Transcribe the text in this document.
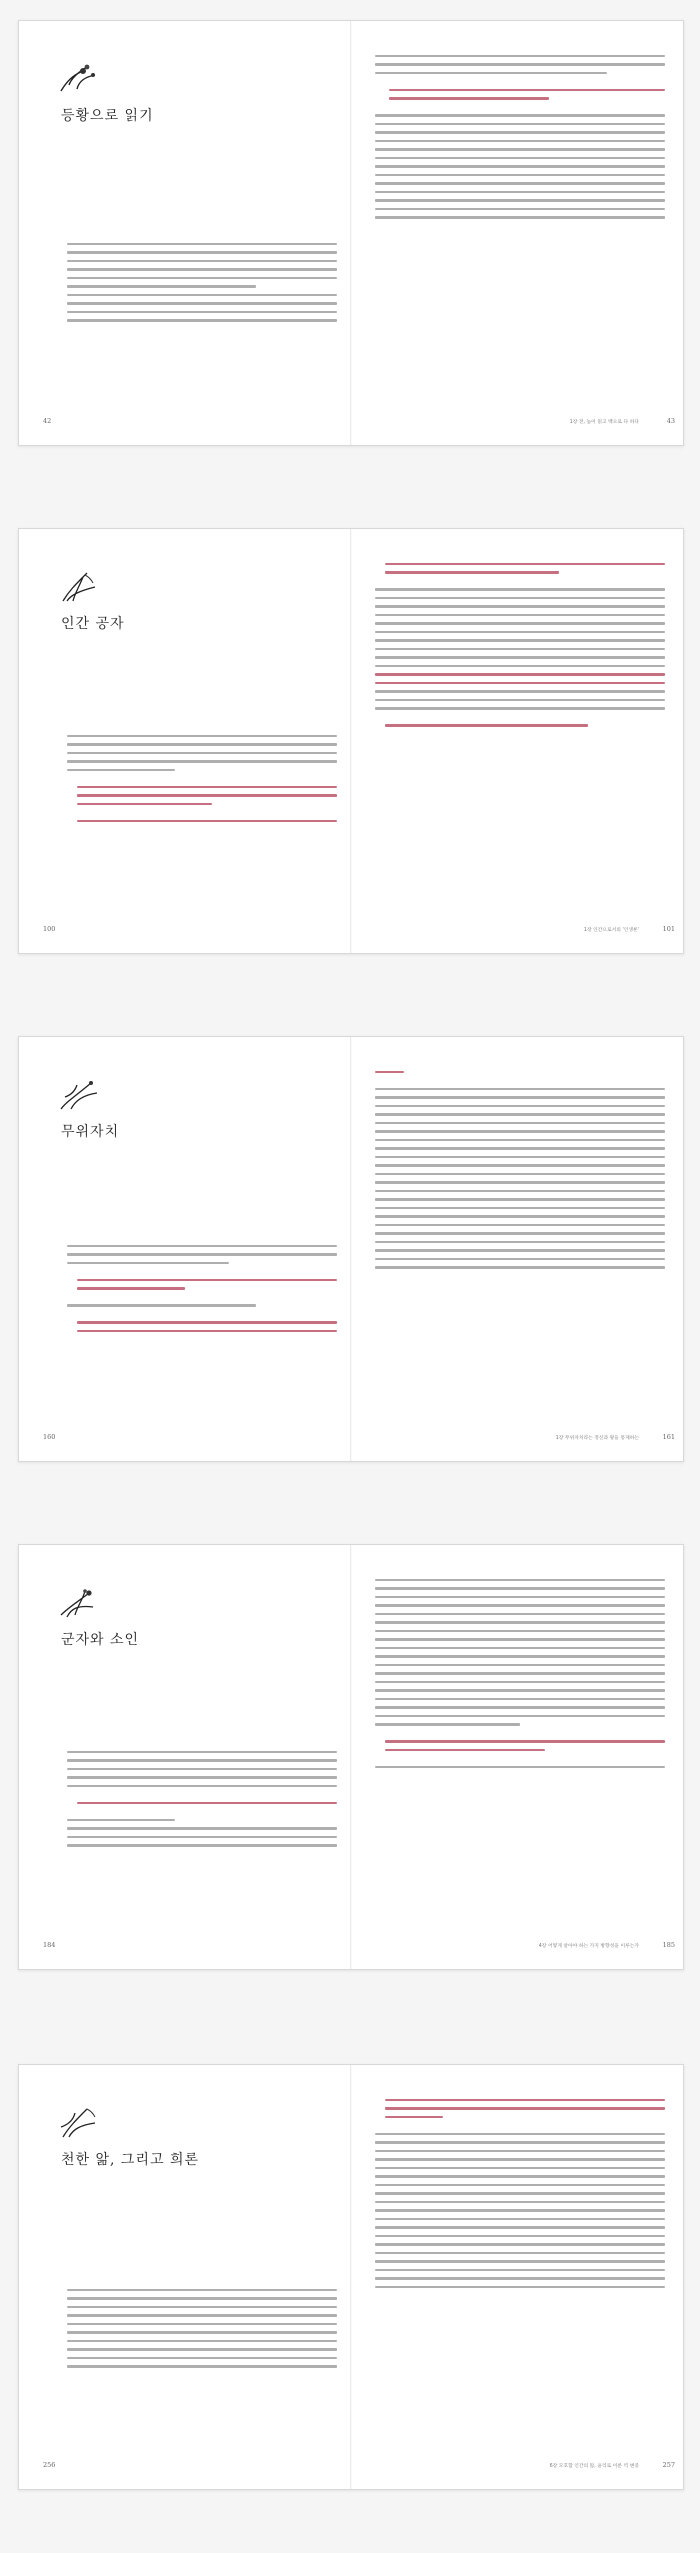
등황으로 읽기
42	1장 전, 높이 읽고 백으로 다 하다	43
인간 공자
100	1장 인간으로서의 '인생론'	101
무위자치
160	1장 무위자치라는 정신과 왕들 통제하는	161
군자와 소인
184	4장 어떻게 살아야 하는 가지 방향성을 이루는가	185
천한 앎, 그리고 희론
256	6장 모호함 인간의 앎, 윤리로 이룬 역 변증	257
